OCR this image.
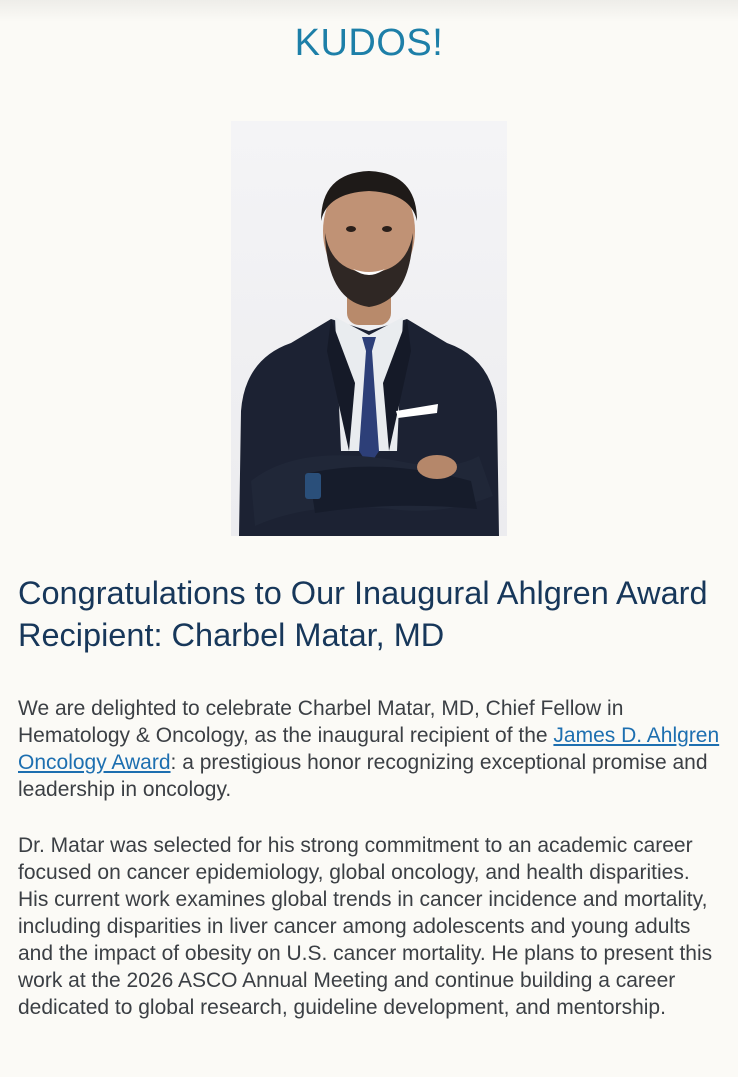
KUDOS!
Congratulations to Our Inaugural Ahlgren Award Recipient: Charbel Matar, MD

We are delighted to celebrate Charbel Matar, MD, Chief Fellow in Hematology & Oncology, as the inaugural recipient of the James D. Ahlgren Oncology Award: a prestigious honor recognizing exceptional promise and leadership in oncology.

Dr. Matar was selected for his strong commitment to an academic career focused on cancer epidemiology, global oncology, and health disparities. His current work examines global trends in cancer incidence and mortality, including disparities in liver cancer among adolescents and young adults and the impact of obesity on U.S. cancer mortality. He plans to present this work at the 2026 ASCO Annual Meeting and continue building a career dedicated to global research, guideline development, and mentorship.
